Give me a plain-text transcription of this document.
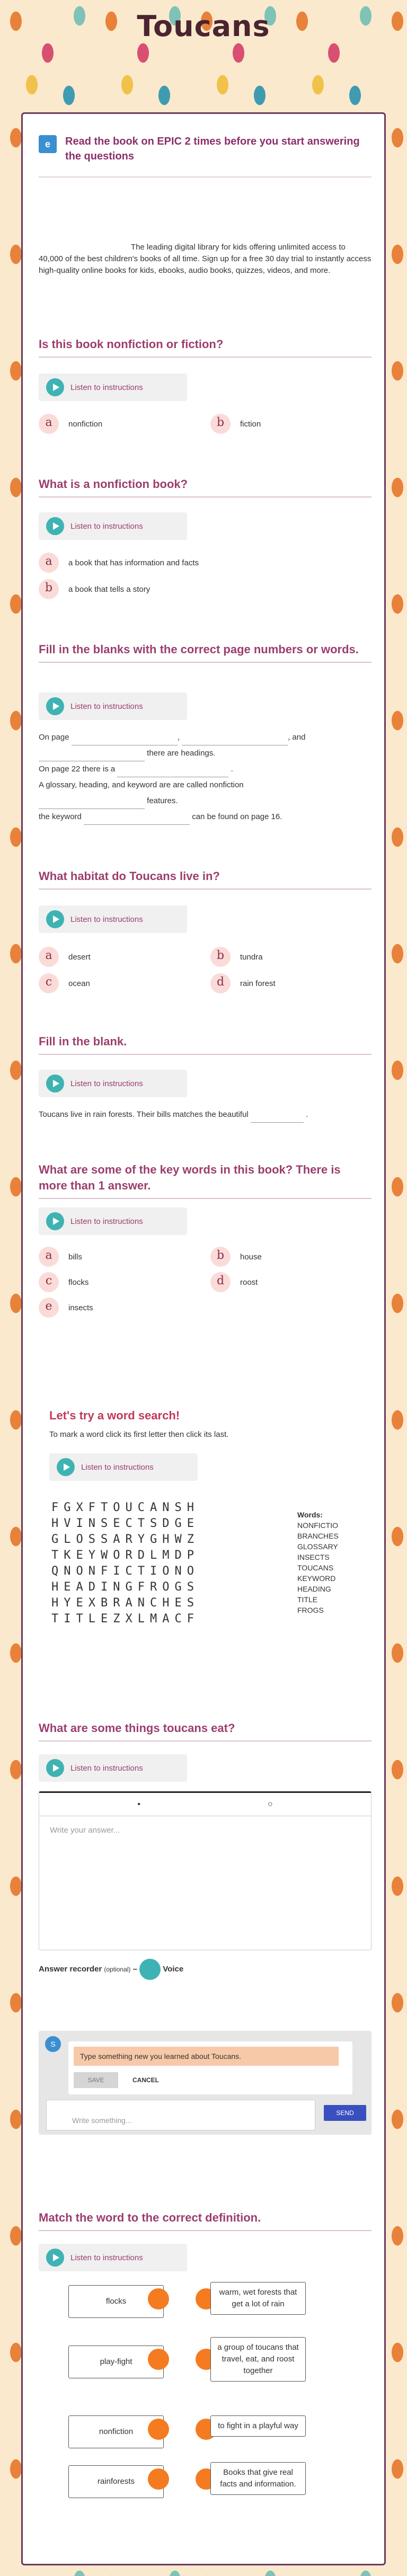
Toucans
e	Read the book on EPIC 2 times before you start answering the questions
The leading digital library for kids offering unlimited access to 40,000 of the best children's books of all time. Sign up for a free 30 day trial to instantly access high-quality online books for kids, ebooks, audio books, quizzes, videos, and more.
Is this book nonfiction or fiction?
Listen to instructions
a	nonfiction	b	fiction
What is a nonfiction book?
Listen to instructions
a	a book that has information and facts
b	a book that tells a story
Fill in the blanks with the correct page numbers or words.
Listen to instructions
On page	,	, and
there are headings.
On page 22 there is a	.
A glossary, heading, and keyword are are called nonfiction
features.
the keyword	can be found on page 16.
What habitat do Toucans live in?
Listen to instructions
a	desert	b	tundra
c	ocean	d	rain forest
Fill in the blank.
Listen to instructions
Toucans live in rain forests. Their bills matches the beautiful	.
What are some of the key words in this book? There is more than 1 answer.
Listen to instructions
a	bills	b	house
c	flocks	d	roost
e	insects
Let's try a word search!
To mark a word click its first letter then click its last.
Listen to instructions
FGXFTOUCANSH
HVINSECTSDGE
GLOSSARYGHWZ
TKEYWORDLMDP
QNONFICTIONO
HEADINGFROGS
HYEXBRANCHES
TITLEZXLMACF
Words:
NONFICTIO
BRANCHES
GLOSSARY
INSECTS
TOUCANS
KEYWORD
HEADING
TITLE
FROGS
What are some things toucans eat?
Listen to instructions
•	○
Write your answer...
Answer recorder (optional) –	Voice
S
Type something new you learned about Toucans.
SAVE	CANCEL
Write something...
SEND
Match the word to the correct definition.
Listen to instructions
flocks
warm, wet forests that get a lot of rain
play-fight
a group of toucans that travel, eat, and roost together
nonfiction
to fight in a playful way
rainforests
Books that give real facts and information.
